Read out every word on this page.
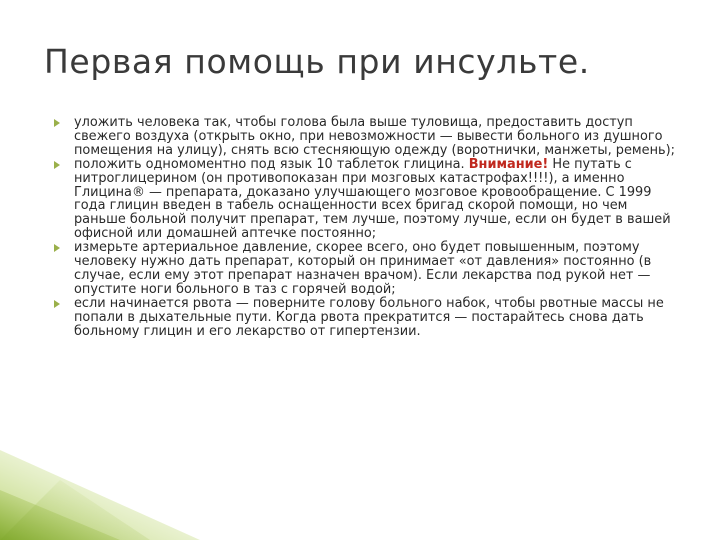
Первая помощь при инсульте.
уложить человека так, чтобы голова была выше туловища, предоставить доступ свежего воздуха (открыть окно, при невозможности — вывести больного из душного помещения на улицу), снять всю стесняющую одежду (воротнички, манжеты, ремень);
положить одномоментно под язык 10 таблеток глицина. Внимание! Не путать с нитроглицерином (он противопоказан при мозговых катастрофах!!!!), а именно Глицина® — препарата, доказано улучшающего мозговое кровообращение. С 1999 года глицин введен в табель оснащенности всех бригад скорой помощи, но чем раньше больной получит препарат, тем лучше, поэтому лучше, если он будет в вашей офисной или домашней аптечке постоянно;
измерьте артериальное давление, скорее всего, оно будет повышенным, поэтому человеку нужно дать препарат, который он принимает «от давления» постоянно (в случае, если ему этот препарат назначен врачом). Если лекарства под рукой нет — опустите ноги больного в таз с горячей водой;
если начинается рвота — поверните голову больного набок, чтобы рвотные массы не попали в дыхательные пути. Когда рвота прекратится — постарайтесь снова дать больному глицин и его лекарство от гипертензии.
